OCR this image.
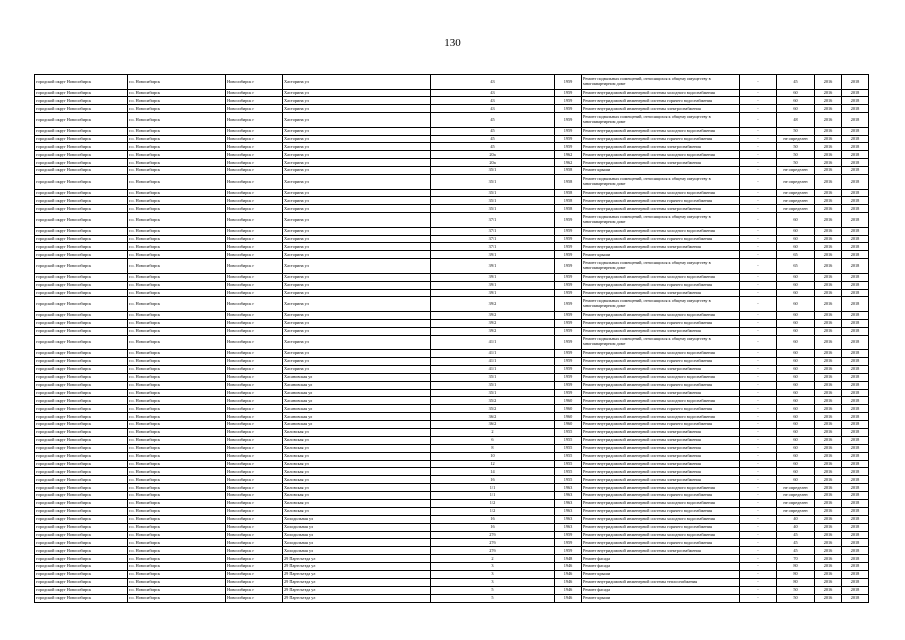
130
городской округ Новосибирск	г.о. Новосибирск	Новосибирск г	Хасторина ул	43	1959	Ремонт подвальных помещений, относящихся к общему имуществу в многоквартирном доме	-	45	2016	2018
городской округ Новосибирск	г.о. Новосибирск	Новосибирск г	Хасторина ул	43	1959	Ремонт внутридомовой инженерной системы холодного водоснабжения	-	60	2016	2018
городской округ Новосибирск	г.о. Новосибирск	Новосибирск г	Хасторина ул	43	1959	Ремонт внутридомовой инженерной системы горячего водоснабжения	-	60	2016	2018
городской округ Новосибирск	г.о. Новосибирск	Новосибирск г	Хасторина ул	43	1959	Ремонт внутридомовой инженерной системы электроснабжения	-	60	2016	2018
городской округ Новосибирск	г.о. Новосибирск	Новосибирск г	Хасторина ул	45	1959	Ремонт подвальных помещений, относящихся к общему имуществу в многоквартирном доме	-	48	2016	2018
городской округ Новосибирск	г.о. Новосибирск	Новосибирск г	Хасторина ул	45	1959	Ремонт внутридомовой инженерной системы холодного водоснабжения	-	50	2016	2018
городской округ Новосибирск	г.о. Новосибирск	Новосибирск г	Хасторина ул	45	1959	Ремонт внутридомовой инженерной системы горячего водоснабжения	-	не определен	2016	2018
городской округ Новосибирск	г.о. Новосибирск	Новосибирск г	Хасторина ул	45	1959	Ремонт внутридомовой инженерной системы электроснабжения	-	50	2016	2018
городской округ Новосибирск	г.о. Новосибирск	Новосибирск г	Хасторина ул	20а	1962	Ремонт внутридомовой инженерной системы холодного водоснабжения	-	50	2016	2018
городской округ Новосибирск	г.о. Новосибирск	Новосибирск г	Хасторина ул	20а	1962	Ремонт внутридомовой инженерной системы электроснабжения	-	50	2016	2018
городской округ Новосибирск	г.о. Новосибирск	Новосибирск г	Хасторина ул	35/1	1958	Ремонт крыши	-	не определен	2016	2018
городской округ Новосибирск	г.о. Новосибирск	Новосибирск г	Хасторина ул	35/1	1958	Ремонт подвальных помещений, относящихся к общему имуществу в многоквартирном доме	-	не определен	2016	2018
городской округ Новосибирск	г.о. Новосибирск	Новосибирск г	Хасторина ул	35/1	1958	Ремонт внутридомовой инженерной системы холодного водоснабжения	-	не определен	2016	2018
городской округ Новосибирск	г.о. Новосибирск	Новосибирск г	Хасторина ул	35/1	1958	Ремонт внутридомовой инженерной системы горячего водоснабжения	-	не определен	2016	2018
городской округ Новосибирск	г.о. Новосибирск	Новосибирск г	Хасторина ул	35/1	1958	Ремонт внутридомовой инженерной системы электроснабжения	-	не определен	2016	2018
городской округ Новосибирск	г.о. Новосибирск	Новосибирск г	Хасторина ул	37/1	1959	Ремонт подвальных помещений, относящихся к общему имуществу в многоквартирном доме	-	60	2016	2018
городской округ Новосибирск	г.о. Новосибирск	Новосибирск г	Хасторина ул	37/1	1959	Ремонт внутридомовой инженерной системы холодного водоснабжения	-	60	2016	2018
городской округ Новосибирск	г.о. Новосибирск	Новосибирск г	Хасторина ул	37/1	1959	Ремонт внутридомовой инженерной системы горячего водоснабжения	-	60	2016	2018
городской округ Новосибирск	г.о. Новосибирск	Новосибирск г	Хасторина ул	37/1	1959	Ремонт внутридомовой инженерной системы электроснабжения	-	60	2016	2018
городской округ Новосибирск	г.о. Новосибирск	Новосибирск г	Хасторина ул	39/1	1959	Ремонт крыши	-	65	2016	2018
городской округ Новосибирск	г.о. Новосибирск	Новосибирск г	Хасторина ул	39/1	1959	Ремонт подвальных помещений, относящихся к общему имуществу в многоквартирном доме	-	65	2016	2018
городской округ Новосибирск	г.о. Новосибирск	Новосибирск г	Хасторина ул	39/1	1959	Ремонт внутридомовой инженерной системы холодного водоснабжения	-	60	2016	2018
городской округ Новосибирск	г.о. Новосибирск	Новосибирск г	Хасторина ул	39/1	1959	Ремонт внутридомовой инженерной системы горячего водоснабжения	-	60	2016	2018
городской округ Новосибирск	г.о. Новосибирск	Новосибирск г	Хасторина ул	39/1	1959	Ремонт внутридомовой инженерной системы электроснабжения	-	60	2016	2018
городской округ Новосибирск	г.о. Новосибирск	Новосибирск г	Хасторина ул	39/2	1959	Ремонт подвальных помещений, относящихся к общему имуществу в многоквартирном доме	-	60	2016	2018
городской округ Новосибирск	г.о. Новосибирск	Новосибирск г	Хасторина ул	39/2	1959	Ремонт внутридомовой инженерной системы холодного водоснабжения	-	60	2016	2018
городской округ Новосибирск	г.о. Новосибирск	Новосибирск г	Хасторина ул	39/2	1959	Ремонт внутридомовой инженерной системы горячего водоснабжения	-	60	2016	2018
городской округ Новосибирск	г.о. Новосибирск	Новосибирск г	Хасторина ул	39/2	1959	Ремонт внутридомовой инженерной системы электроснабжения	-	60	2016	2018
городской округ Новосибирск	г.о. Новосибирск	Новосибирск г	Хасторина ул	41/1	1959	Ремонт подвальных помещений, относящихся к общему имуществу в многоквартирном доме	-	60	2016	2018
городской округ Новосибирск	г.о. Новосибирск	Новосибирск г	Хасторина ул	41/1	1959	Ремонт внутридомовой инженерной системы холодного водоснабжения	-	60	2016	2018
городской округ Новосибирск	г.о. Новосибирск	Новосибирск г	Хасторина ул	41/1	1959	Ремонт внутридомовой инженерной системы горячего водоснабжения	-	60	2016	2018
городской округ Новосибирск	г.о. Новосибирск	Новосибирск г	Хасторина ул	41/1	1959	Ремонт внутридомовой инженерной системы электроснабжения	-	60	2016	2018
городской округ Новосибирск	г.о. Новосибирск	Новосибирск г	Хасановская ул	35/1	1959	Ремонт внутридомовой инженерной системы холодного водоснабжения	-	60	2016	2018
городской округ Новосибирск	г.о. Новосибирск	Новосибирск г	Хасановская ул	35/1	1959	Ремонт внутридомовой инженерной системы горячего водоснабжения	-	60	2016	2018
городской округ Новосибирск	г.о. Новосибирск	Новосибирск г	Хасановская ул	35/1	1959	Ремонт внутридомовой инженерной системы электроснабжения	-	60	2016	2018
городской округ Новосибирск	г.о. Новосибирск	Новосибирск г	Хасановская ул	35/2	1960	Ремонт внутридомовой инженерной системы холодного водоснабжения	-	60	2016	2018
городской округ Новосибирск	г.о. Новосибирск	Новосибирск г	Хасановская ул	35/2	1960	Ремонт внутридомовой инженерной системы горячего водоснабжения	-	60	2016	2018
городской округ Новосибирск	г.о. Новосибирск	Новосибирск г	Хасановская ул	36/2	1960	Ремонт внутридомовой инженерной системы холодного водоснабжения	-	60	2016	2018
городской округ Новосибирск	г.о. Новосибирск	Новосибирск г	Хасановская ул	36/2	1960	Ремонт внутридомовой инженерной системы горячего водоснабжения	-	60	2016	2018
городской округ Новосибирск	г.о. Новосибирск	Новосибирск г	Хиловская ул	2	1955	Ремонт внутридомовой инженерной системы электроснабжения	-	60	2016	2018
городской округ Новосибирск	г.о. Новосибирск	Новосибирск г	Хиловская ул	6	1955	Ремонт внутридомовой инженерной системы электроснабжения	-	60	2016	2018
городской округ Новосибирск	г.о. Новосибирск	Новосибирск г	Хиловская ул	8	1955	Ремонт внутридомовой инженерной системы электроснабжения	-	60	2016	2018
городской округ Новосибирск	г.о. Новосибирск	Новосибирск г	Хиловская ул	10	1955	Ремонт внутридомовой инженерной системы электроснабжения	-	60	2016	2018
городской округ Новосибирск	г.о. Новосибирск	Новосибирск г	Хиловская ул	12	1955	Ремонт внутридомовой инженерной системы электроснабжения	-	60	2016	2018
городской округ Новосибирск	г.о. Новосибирск	Новосибирск г	Хиловская ул	14	1955	Ремонт внутридомовой инженерной системы электроснабжения	-	60	2016	2018
городской округ Новосибирск	г.о. Новосибирск	Новосибирск г	Хиловская ул	16	1955	Ремонт внутридомовой инженерной системы электроснабжения	-	60	2016	2018
городской округ Новосибирск	г.о. Новосибирск	Новосибирск г	Хиловская ул	1/1	1963	Ремонт внутридомовой инженерной системы холодного водоснабжения	-	не определен	2016	2018
городской округ Новосибирск	г.о. Новосибирск	Новосибирск г	Хиловская ул	1/1	1963	Ремонт внутридомовой инженерной системы горячего водоснабжения	-	не определен	2016	2018
городской округ Новосибирск	г.о. Новосибирск	Новосибирск г	Хиловская ул	1/2	1963	Ремонт внутридомовой инженерной системы холодного водоснабжения	-	не определен	2016	2018
городской округ Новосибирск	г.о. Новосибирск	Новосибирск г	Хиловская ул	1/2	1963	Ремонт внутридомовой инженерной системы горячего водоснабжения	-	не определен	2016	2018
городской округ Новосибирск	г.о. Новосибирск	Новосибирск г	Холодильная ул	16	1963	Ремонт внутридомовой инженерной системы холодного водоснабжения	-	40	2016	2018
городской округ Новосибирск	г.о. Новосибирск	Новосибирск г	Холодильная ул	16	1963	Ремонт внутридомовой инженерной системы горячего водоснабжения	-	40	2016	2018
городской округ Новосибирск	г.о. Новосибирск	Новосибирск г	Холодильная ул	27б	1959	Ремонт внутридомовой инженерной системы холодного водоснабжения	-	45	2016	2018
городской округ Новосибирск	г.о. Новосибирск	Новосибирск г	Холодильная ул	27б	1959	Ремонт внутридомовой инженерной системы горячего водоснабжения	-	45	2016	2018
городской округ Новосибирск	г.о. Новосибирск	Новосибирск г	Холодильная ул	27б	1959	Ремонт внутридомовой инженерной системы электроснабжения	-	45	2016	2018
городской округ Новосибирск	г.о. Новосибирск	Новосибирск г	29 Партсъезда ул	2	1948	Ремонт фасада	-	70	2016	2018
городской округ Новосибирск	г.о. Новосибирск	Новосибирск г	29 Партсъезда ул	3	1946	Ремонт фасада	-	80	2016	2018
городской округ Новосибирск	г.о. Новосибирск	Новосибирск г	29 Партсъезда ул	3	1946	Ремонт крыши	-	80	2016	2018
городской округ Новосибирск	г.о. Новосибирск	Новосибирск г	29 Партсъезда ул	3	1946	Ремонт внутридомовой инженерной системы теплоснабжения	-	80	2016	2018
городской округ Новосибирск	г.о. Новосибирск	Новосибирск г	29 Партсъезда ул	5	1946	Ремонт фасада	-	50	2016	2018
городской округ Новосибирск	г.о. Новосибирск	Новосибирск г	29 Партсъезда ул	5	1946	Ремонт крыши	-	50	2016	2018
